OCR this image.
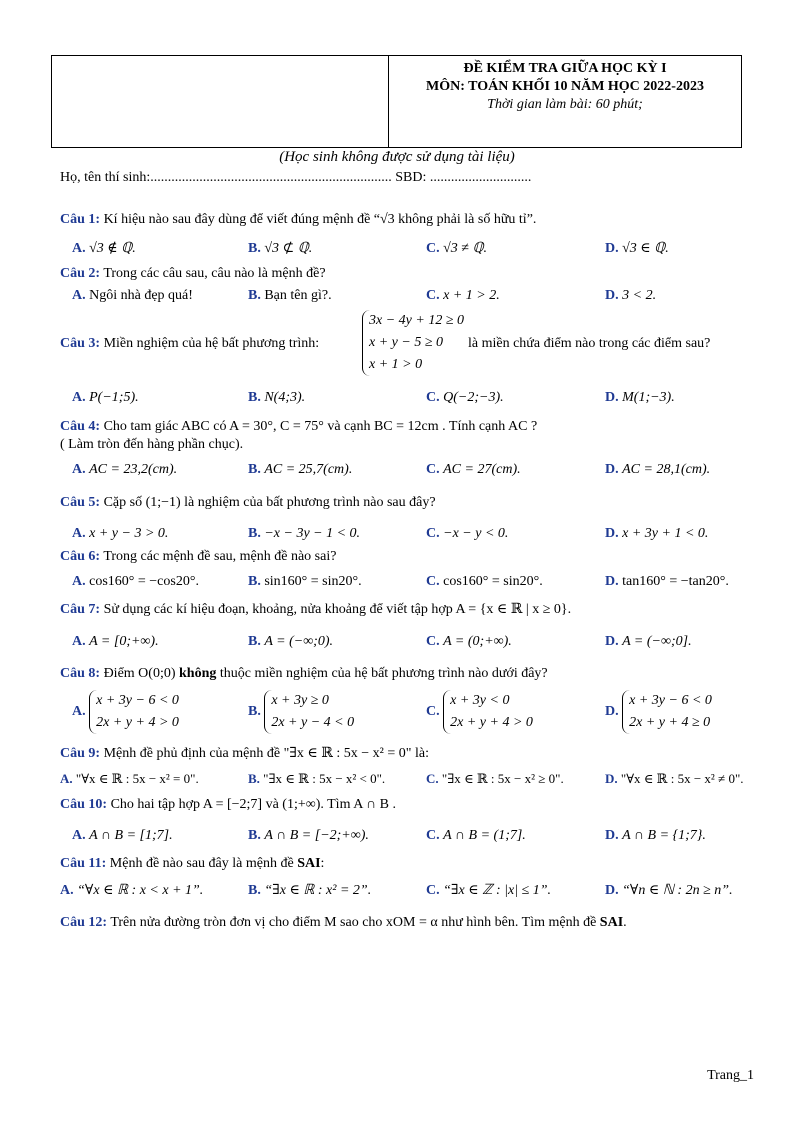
ĐỀ KIỂM TRA GIỮA HỌC KỲ I
MÔN: TOÁN KHỐI 10 NĂM HỌC 2022-2023
Thời gian làm bài: 60 phút;
(Học sinh không được sử dụng tài liệu)
Họ, tên thí sinh:..................................................................... SBD: .............................
Câu 1: Kí hiệu nào sau đây dùng để viết đúng mệnh đề “√3 không phải là số hữu tỉ”.
A. √3 ∉ ℚ.	B. √3 ⊄ ℚ.	C. √3 ≠ ℚ.	D. √3 ∈ ℚ.
Câu 2: Trong các câu sau, câu nào là mệnh đề?
A. Ngôi nhà đẹp quá!	B. Bạn tên gì?.	C. x + 1 > 2.	D. 3 < 2.
Câu 3: Miền nghiệm của hệ bất phương trình:
3x − 4y + 12 ≥ 0
x + y − 5 ≥ 0
x + 1 > 0
là miền chứa điểm nào trong các điểm sau?
A. P(−1;5).	B. N(4;3).	C. Q(−2;−3).	D. M(1;−3).
Câu 4: Cho tam giác ABC có A = 30°, C = 75° và cạnh BC = 12cm . Tính cạnh AC ?
( Làm tròn đến hàng phần chục).
A. AC = 23,2(cm).	B. AC = 25,7(cm).	C. AC = 27(cm).	D. AC = 28,1(cm).
Câu 5: Cặp số (1;−1) là nghiệm của bất phương trình nào sau đây?
A. x + y − 3 > 0.	B. −x − 3y − 1 < 0.	C. −x − y < 0.	D. x + 3y + 1 < 0.
Câu 6: Trong các mệnh đề sau, mệnh đề nào sai?
A. cos160° = −cos20°.	B. sin160° = sin20°.	C. cos160° = sin20°.	D. tan160° = −tan20°.
Câu 7: Sử dụng các kí hiệu đoạn, khoảng, nửa khoảng để viết tập hợp A = {x ∈ ℝ | x ≥ 0}.
A. A = [0;+∞).	B. A = (−∞;0).	C. A = (0;+∞).	D. A = (−∞;0].
Câu 8: Điểm O(0;0) không thuộc miền nghiệm của hệ bất phương trình nào dưới đây?
A.
x + 3y − 6 < 0
2x + y + 4 > 0
B.
x + 3y ≥ 0
2x + y − 4 < 0
C.
x + 3y < 0
2x + y + 4 > 0
D.
x + 3y − 6 < 0
2x + y + 4 ≥ 0
Câu 9: Mệnh đề phủ định của mệnh đề "∃x ∈ ℝ : 5x − x² = 0" là:
A. "∀x ∈ ℝ : 5x − x² = 0".	B. "∃x ∈ ℝ : 5x − x² < 0".	C. "∃x ∈ ℝ : 5x − x² ≥ 0".	D. "∀x ∈ ℝ : 5x − x² ≠ 0".
Câu 10: Cho hai tập hợp A = [−2;7] và (1;+∞). Tìm A ∩ B .
A. A ∩ B = [1;7].	B. A ∩ B = [−2;+∞).	C. A ∩ B = (1;7].	D. A ∩ B = {1;7}.
Câu 11: Mệnh đề nào sau đây là mệnh đề SAI:
A. “∀x ∈ ℝ : x < x + 1”.	B. “∃x ∈ ℝ : x² = 2”.	C. “∃x ∈ ℤ : |x| ≤ 1”.	D. “∀n ∈ ℕ : 2n ≥ n”.
Câu 12: Trên nửa đường tròn đơn vị cho điểm M sao cho xOM = α như hình bên. Tìm mệnh đề SAI.
Trang_1
